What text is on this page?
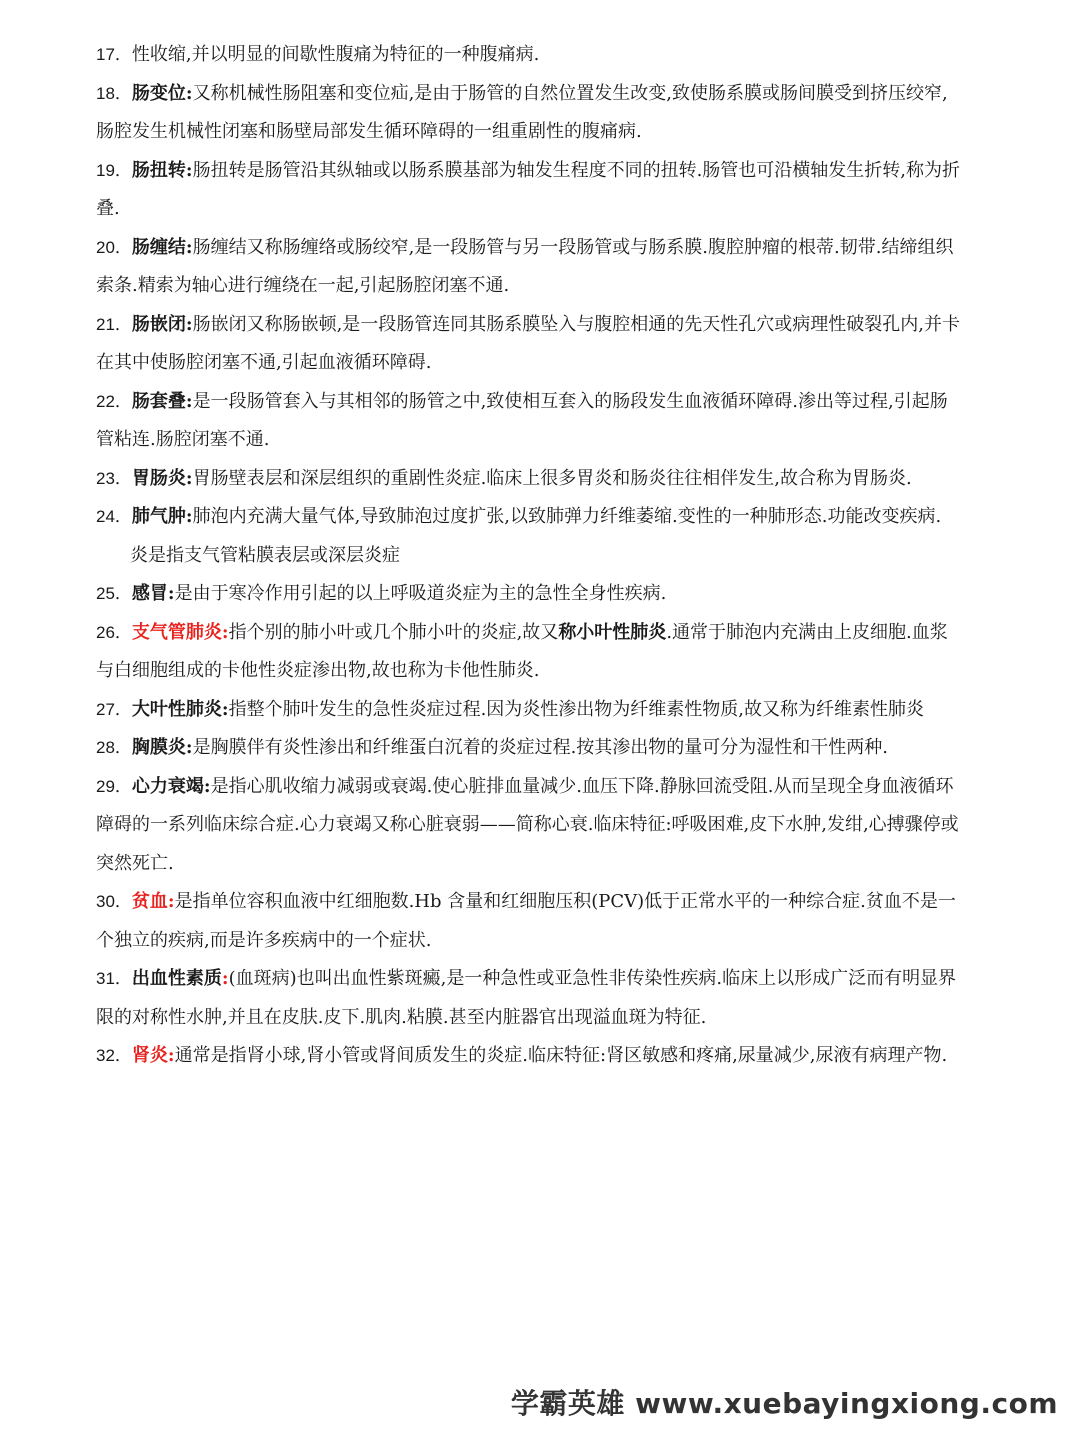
17．性收缩,并以明显的间歇性腹痛为特征的一种腹痛病.

18．肠变位:又称机械性肠阻塞和变位疝,是由于肠管的自然位置发生改变,致使肠系膜或肠间膜受到挤压绞窄,肠腔发生机械性闭塞和肠壁局部发生循环障碍的一组重剧性的腹痛病.

19．肠扭转:肠扭转是肠管沿其纵轴或以肠系膜基部为轴发生程度不同的扭转.肠管也可沿横轴发生折转,称为折叠.

20．肠缠结:肠缠结又称肠缠络或肠绞窄,是一段肠管与另一段肠管或与肠系膜.腹腔肿瘤的根蒂.韧带.结缔组织索条.精索为轴心进行缠绕在一起,引起肠腔闭塞不通.

21．肠嵌闭:肠嵌闭又称肠嵌顿,是一段肠管连同其肠系膜坠入与腹腔相通的先天性孔穴或病理性破裂孔内,并卡在其中使肠腔闭塞不通,引起血液循环障碍.

22．肠套叠:是一段肠管套入与其相邻的肠管之中,致使相互套入的肠段发生血液循环障碍.渗出等过程,引起肠管粘连.肠腔闭塞不通.

23．胃肠炎:胃肠壁表层和深层组织的重剧性炎症.临床上很多胃炎和肠炎往往相伴发生,故合称为胃肠炎.

24．肺气肿:肺泡内充满大量气体,导致肺泡过度扩张,以致肺弹力纤维萎缩.变性的一种肺形态.功能改变疾病.

炎是指支气管粘膜表层或深层炎症

25．感冒:是由于寒冷作用引起的以上呼吸道炎症为主的急性全身性疾病.

26．支气管肺炎:指个别的肺小叶或几个肺小叶的炎症,故又称小叶性肺炎.通常于肺泡内充满由上皮细胞.血浆与白细胞组成的卡他性炎症渗出物,故也称为卡他性肺炎.

27．大叶性肺炎:指整个肺叶发生的急性炎症过程.因为炎性渗出物为纤维素性物质,故又称为纤维素性肺炎

28．胸膜炎:是胸膜伴有炎性渗出和纤维蛋白沉着的炎症过程.按其渗出物的量可分为湿性和干性两种.

29．心力衰竭:是指心肌收缩力减弱或衰竭.使心脏排血量减少.血压下降.静脉回流受阻.从而呈现全身血液循环障碍的一系列临床综合症.心力衰竭又称心脏衰弱——简称心衰.临床特征:呼吸困难,皮下水肿,发绀,心搏骤停或突然死亡.

30．贫血:是指单位容积血液中红细胞数.Hb 含量和红细胞压积(PCV)低于正常水平的一种综合症.贫血不是一个独立的疾病,而是许多疾病中的一个症状.

31．出血性素质:(血斑病)也叫出血性紫斑癜,是一种急性或亚急性非传染性疾病.临床上以形成广泛而有明显界限的对称性水肿,并且在皮肤.皮下.肌肉.粘膜.甚至内脏器官出现溢血斑为特征.

32．肾炎:通常是指肾小球,肾小管或肾间质发生的炎症.临床特征:肾区敏感和疼痛,尿量减少,尿液有病理产物.

学霸英雄 www.xuebayingxiong.com
